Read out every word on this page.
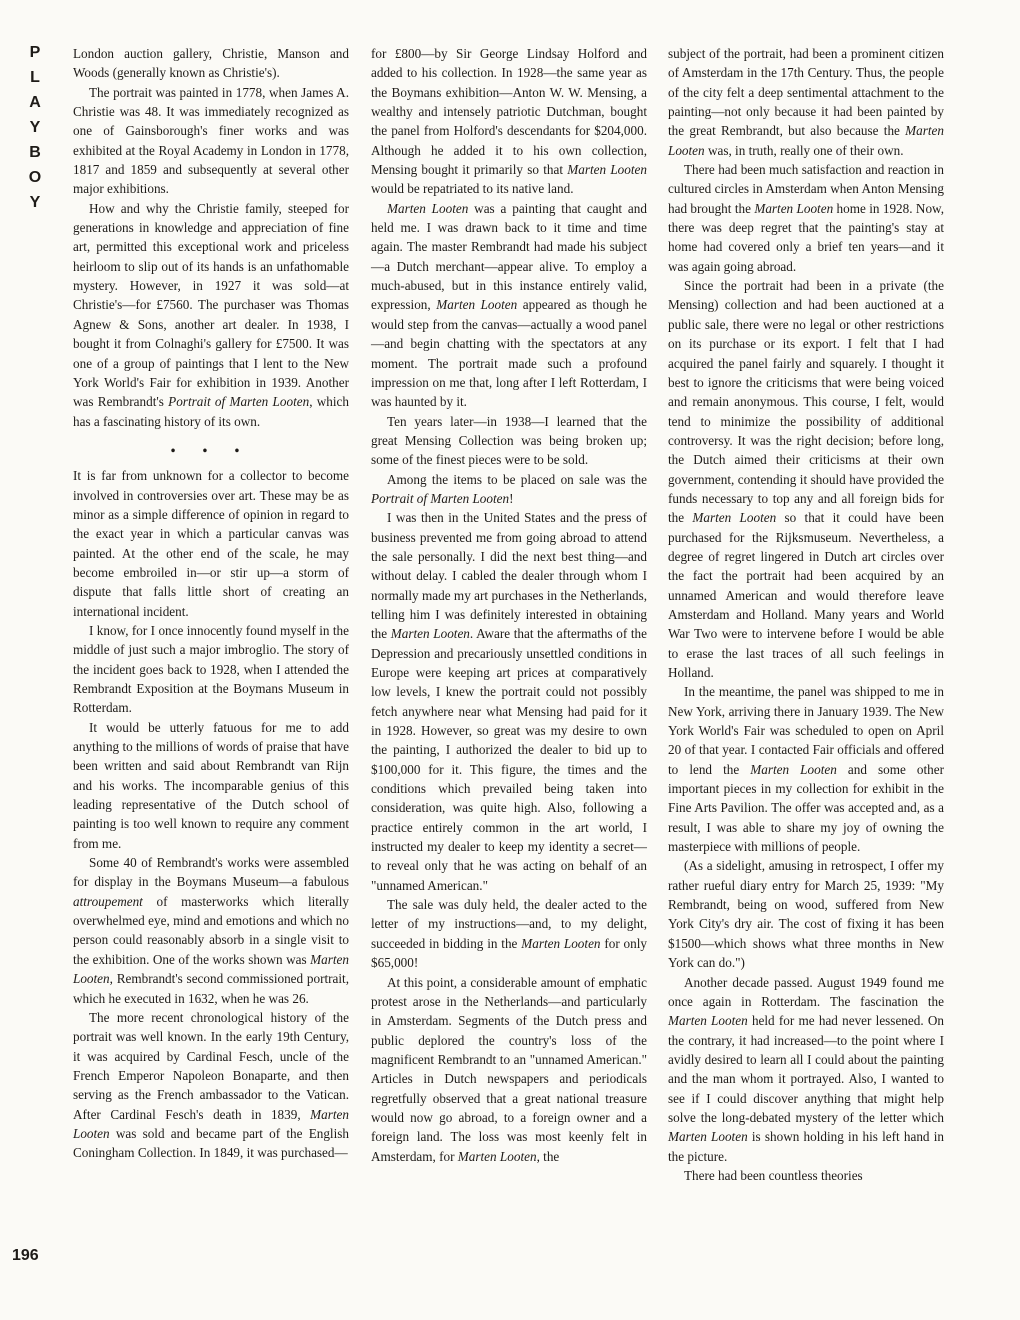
P
L
A
Y
B
O
Y
196

London auction gallery, Christie, Manson and Woods (generally known as Christie's).

The portrait was painted in 1778, when James A. Christie was 48. It was immediately recognized as one of Gainsborough's finer works and was exhibited at the Royal Academy in London in 1778, 1817 and 1859 and subsequently at several other major exhibitions.

How and why the Christie family, steeped for generations in knowledge and appreciation of fine art, permitted this exceptional work and priceless heirloom to slip out of its hands is an unfathomable mystery. However, in 1927 it was sold—at Christie's—for £7560. The purchaser was Thomas Agnew & Sons, another art dealer. In 1938, I bought it from Colnaghi's gallery for £7500. It was one of a group of paintings that I lent to the New York World's Fair for exhibition in 1939. Another was Rembrandt's Portrait of Marten Looten, which has a fascinating history of its own.

• • •

It is far from unknown for a collector to become involved in controversies over art. These may be as minor as a simple difference of opinion in regard to the exact year in which a particular canvas was painted. At the other end of the scale, he may become embroiled in—or stir up—a storm of dispute that falls little short of creating an international incident.

I know, for I once innocently found myself in the middle of just such a major imbroglio. The story of the incident goes back to 1928, when I attended the Rembrandt Exposition at the Boymans Museum in Rotterdam.

It would be utterly fatuous for me to add anything to the millions of words of praise that have been written and said about Rembrandt van Rijn and his works. The incomparable genius of this leading representative of the Dutch school of painting is too well known to require any comment from me.

Some 40 of Rembrandt's works were assembled for display in the Boymans Museum—a fabulous attroupement of masterworks which literally overwhelmed eye, mind and emotions and which no person could reasonably absorb in a single visit to the exhibition. One of the works shown was Marten Looten, Rembrandt's second commissioned portrait, which he executed in 1632, when he was 26.

The more recent chronological history of the portrait was well known. In the early 19th Century, it was acquired by Cardinal Fesch, uncle of the French Emperor Napoleon Bonaparte, and then serving as the French ambassador to the Vatican. After Cardinal Fesch's death in 1839, Marten Looten was sold and became part of the English Coningham Collection. In 1849, it was purchased—

for £800—by Sir George Lindsay Holford and added to his collection. In 1928—the same year as the Boymans exhibition—Anton W. W. Mensing, a wealthy and intensely patriotic Dutchman, bought the panel from Holford's descendants for $204,000. Although he added it to his own collection, Mensing bought it primarily so that Marten Looten would be repatriated to its native land.

Marten Looten was a painting that caught and held me. I was drawn back to it time and time again. The master Rembrandt had made his subject—a Dutch merchant—appear alive. To employ a much-abused, but in this instance entirely valid, expression, Marten Looten appeared as though he would step from the canvas—actually a wood panel—and begin chatting with the spectators at any moment. The portrait made such a profound impression on me that, long after I left Rotterdam, I was haunted by it.

Ten years later—in 1938—I learned that the great Mensing Collection was being broken up; some of the finest pieces were to be sold.

Among the items to be placed on sale was the Portrait of Marten Looten!

I was then in the United States and the press of business prevented me from going abroad to attend the sale personally. I did the next best thing—and without delay. I cabled the dealer through whom I normally made my art purchases in the Netherlands, telling him I was definitely interested in obtaining the Marten Looten. Aware that the aftermaths of the Depression and precariously unsettled conditions in Europe were keeping art prices at comparatively low levels, I knew the portrait could not possibly fetch anywhere near what Mensing had paid for it in 1928. However, so great was my desire to own the painting, I authorized the dealer to bid up to $100,000 for it. This figure, the times and the conditions which prevailed being taken into consideration, was quite high. Also, following a practice entirely common in the art world, I instructed my dealer to keep my identity a secret—to reveal only that he was acting on behalf of an "unnamed American."

The sale was duly held, the dealer acted to the letter of my instructions—and, to my delight, succeeded in bidding in the Marten Looten for only $65,000!

At this point, a considerable amount of emphatic protest arose in the Netherlands—and particularly in Amsterdam. Segments of the Dutch press and public deplored the country's loss of the magnificent Rembrandt to an "unnamed American." Articles in Dutch newspapers and periodicals regretfully observed that a great national treasure would now go abroad, to a foreign owner and a foreign land. The loss was most keenly felt in Amsterdam, for Marten Looten, the

subject of the portrait, had been a prominent citizen of Amsterdam in the 17th Century. Thus, the people of the city felt a deep sentimental attachment to the painting—not only because it had been painted by the great Rembrandt, but also because the Marten Looten was, in truth, really one of their own.

There had been much satisfaction and reaction in cultured circles in Amsterdam when Anton Mensing had brought the Marten Looten home in 1928. Now, there was deep regret that the painting's stay at home had covered only a brief ten years—and it was again going abroad.

Since the portrait had been in a private (the Mensing) collection and had been auctioned at a public sale, there were no legal or other restrictions on its purchase or its export. I felt that I had acquired the panel fairly and squarely. I thought it best to ignore the criticisms that were being voiced and remain anonymous. This course, I felt, would tend to minimize the possibility of additional controversy. It was the right decision; before long, the Dutch aimed their criticisms at their own government, contending it should have provided the funds necessary to top any and all foreign bids for the Marten Looten so that it could have been purchased for the Rijksmuseum. Nevertheless, a degree of regret lingered in Dutch art circles over the fact the portrait had been acquired by an unnamed American and would therefore leave Amsterdam and Holland. Many years and World War Two were to intervene before I would be able to erase the last traces of all such feelings in Holland.

In the meantime, the panel was shipped to me in New York, arriving there in January 1939. The New York World's Fair was scheduled to open on April 20 of that year. I contacted Fair officials and offered to lend the Marten Looten and some other important pieces in my collection for exhibit in the Fine Arts Pavilion. The offer was accepted and, as a result, I was able to share my joy of owning the masterpiece with millions of people.

(As a sidelight, amusing in retrospect, I offer my rather rueful diary entry for March 25, 1939: "My Rembrandt, being on wood, suffered from New York City's dry air. The cost of fixing it has been $1500—which shows what three months in New York can do.")

Another decade passed. August 1949 found me once again in Rotterdam. The fascination the Marten Looten held for me had never lessened. On the contrary, it had increased—to the point where I avidly desired to learn all I could about the painting and the man whom it portrayed. Also, I wanted to see if I could discover anything that might help solve the long-debated mystery of the letter which Marten Looten is shown holding in his left hand in the picture.

There had been countless theories
